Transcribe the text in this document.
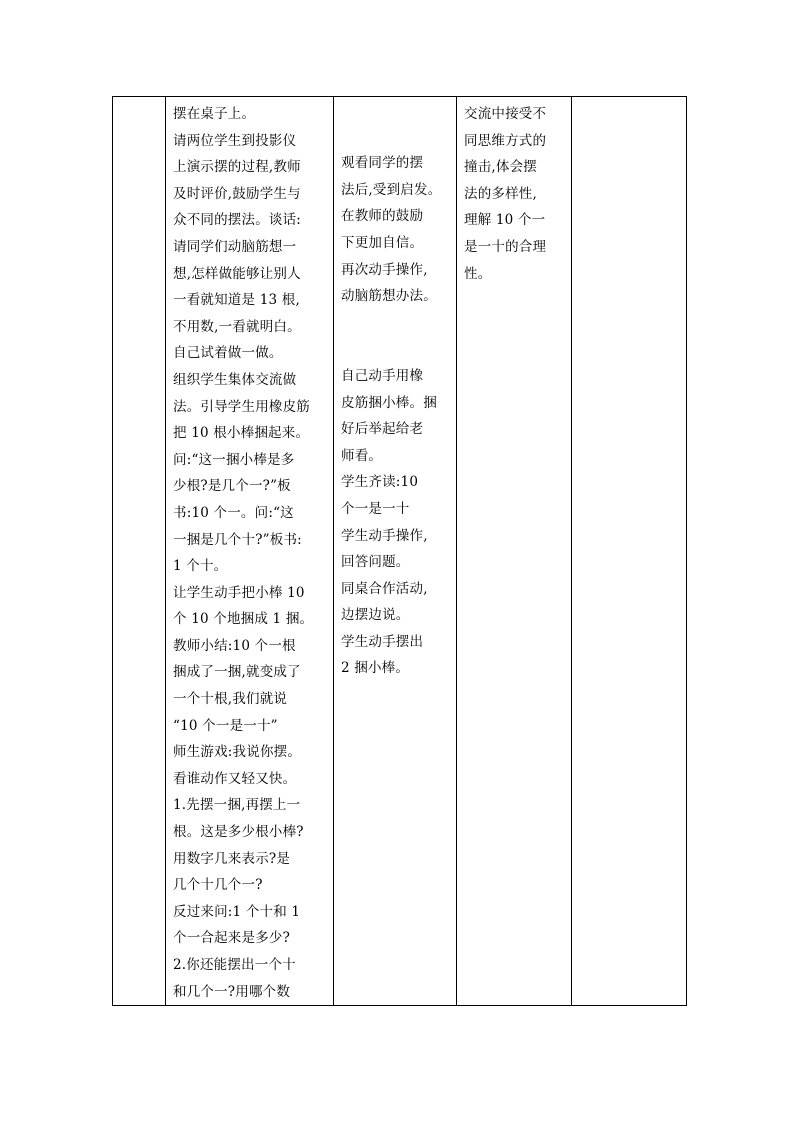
摆在桌子上。
请两位学生到投影仪
上演示摆的过程,教师
及时评价,鼓励学生与
众不同的摆法。谈话:
请同学们动脑筋想一
想,怎样做能够让别人
一看就知道是 13 根,
不用数,一看就明白。
自己试着做一做。
组织学生集体交流做
法。引导学生用橡皮筋
把 10 根小棒捆起来。
问:“这一捆小棒是多
少根?是几个一?”板
书:10 个一。问:“这
一捆是几个十?”板书:
1 个十。
让学生动手把小棒 10
个 10 个地捆成 1 捆。
教师小结:10 个一根
捆成了一捆,就变成了
一个十根,我们就说
“10 个一是一十”
师生游戏:我说你摆。
看谁动作又轻又快。
1.先摆一捆,再摆上一
根。这是多少根小棒?
用数字几来表示?是
几个十几个一?
反过来问:1 个十和 1
个一合起来是多少?
2.你还能摆出一个十
和几个一?用哪个数

观看同学的摆
法后,受到启发。
在教师的鼓励
下更加自信。
再次动手操作,
动脑筋想办法。
自己动手用橡
皮筋捆小棒。捆
好后举起给老
师看。
学生齐读:10
个一是一十
学生动手操作,
回答问题。
同桌合作活动,
边摆边说。
学生动手摆出
2 捆小棒。

交流中接受不
同思维方式的
撞击,体会摆
法的多样性,
理解 10 个一
是一十的合理
性。
